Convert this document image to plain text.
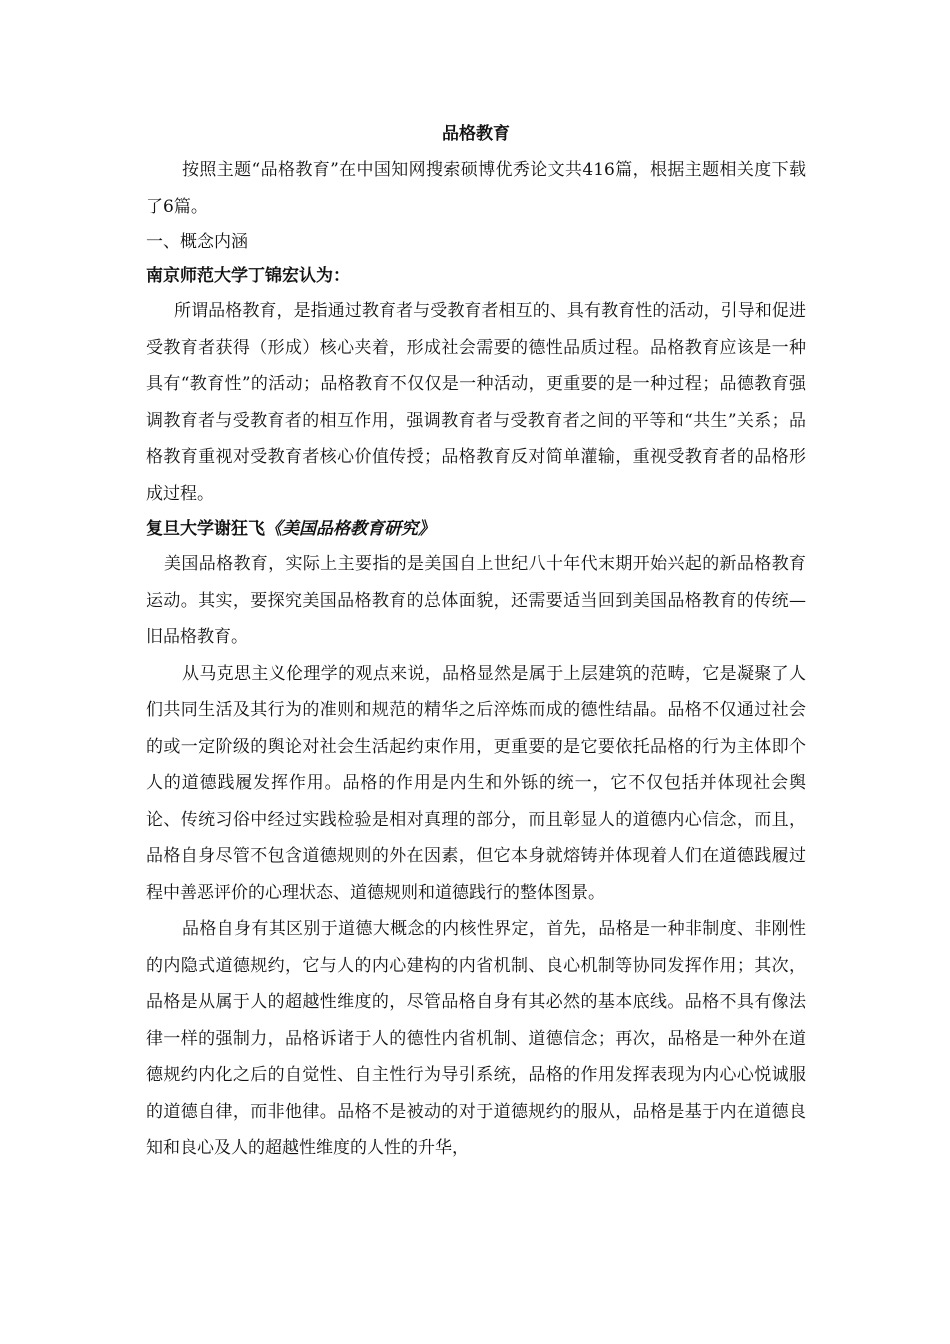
品格教育

按照主题“品格教育”在中国知网搜索硕博优秀论文共416篇，根据主题相关度下载了6篇。

一、概念内涵

南京师范大学丁锦宏认为：

所谓品格教育，是指通过教育者与受教育者相互的、具有教育性的活动，引导和促进受教育者获得（形成）核心夹着，形成社会需要的德性品质过程。品格教育应该是一种具有“教育性”的活动；品格教育不仅仅是一种活动，更重要的是一种过程；品德教育强调教育者与受教育者的相互作用，强调教育者与受教育者之间的平等和“共生”关系；品格教育重视对受教育者核心价值传授；品格教育反对简单灌输，重视受教育者的品格形成过程。

复旦大学谢狂飞《美国品格教育研究》

美国品格教育，实际上主要指的是美国自上世纪八十年代末期开始兴起的新品格教育运动。其实，要探究美国品格教育的总体面貌，还需要适当回到美国品格教育的传统—旧品格教育。

从马克思主义伦理学的观点来说，品格显然是属于上层建筑的范畴，它是凝聚了人们共同生活及其行为的准则和规范的精华之后淬炼而成的德性结晶。品格不仅通过社会的或一定阶级的舆论对社会生活起约束作用，更重要的是它要依托品格的行为主体即个人的道德践履发挥作用。品格的作用是内生和外铄的统一，它不仅包括并体现社会舆论、传统习俗中经过实践检验是相对真理的部分，而且彰显人的道德内心信念，而且，品格自身尽管不包含道德规则的外在因素，但它本身就熔铸并体现着人们在道德践履过程中善恶评价的心理状态、道德规则和道德践行的整体图景。

品格自身有其区别于道德大概念的内核性界定，首先，品格是一种非制度、非刚性的内隐式道德规约，它与人的内心建构的内省机制、良心机制等协同发挥作用；其次，品格是从属于人的超越性维度的，尽管品格自身有其必然的基本底线。品格不具有像法律一样的强制力，品格诉诸于人的德性内省机制、道德信念；再次，品格是一种外在道德规约内化之后的自觉性、自主性行为导引系统，品格的作用发挥表现为内心心悦诚服的道德自律，而非他律。品格不是被动的对于道德规约的服从，品格是基于内在道德良知和良心及人的超越性维度的人性的升华，
